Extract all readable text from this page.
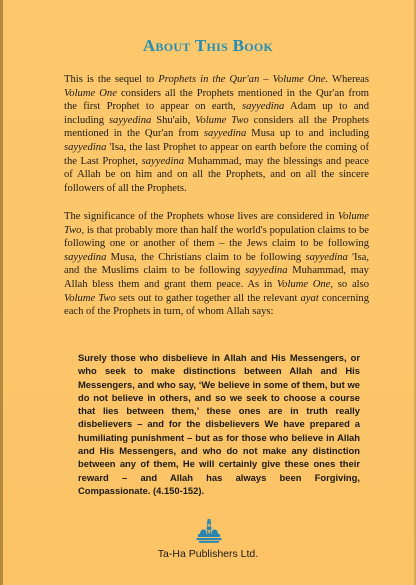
About This Book

This is the sequel to Prophets in the Qur'an – Volume One. Whereas Volume One considers all the Prophets mentioned in the Qur'an from the first Prophet to appear on earth, sayyedina Adam up to and including sayyedina Shu'aib, Volume Two considers all the Prophets mentioned in the Qur'an from sayyedina Musa up to and including sayyedina 'Isa, the last Prophet to appear on earth before the coming of the Last Prophet, sayyedina Muhammad, may the blessings and peace of Allah be on him and on all the Prophets, and on all the sincere followers of all the Prophets.

The significance of the Prophets whose lives are considered in Volume Two, is that probably more than half the world's population claims to be following one or another of them – the Jews claim to be following sayyedina Musa, the Christians claim to be following sayyedina 'Isa, and the Muslims claim to be following sayyedina Muhammad, may Allah bless them and grant them peace. As in Volume One, so also Volume Two sets out to gather together all the relevant ayat concerning each of the Prophets in turn, of whom Allah says:

Surely those who disbelieve in Allah and His Messengers, or who seek to make distinctions between Allah and His Messengers, and who say, ‘We believe in some of them, but we do not believe in others, and so we seek to choose a course that lies between them,’ these ones are in truth really disbelievers – and for the disbelievers We have prepared a humiliating punishment – but as for those who believe in Allah and His Messengers, and who do not make any distinction between any of them, He will certainly give these ones their reward – and Allah has always been Forgiving, Compassionate. (4.150-152).

Ta-Ha Publishers Ltd.
